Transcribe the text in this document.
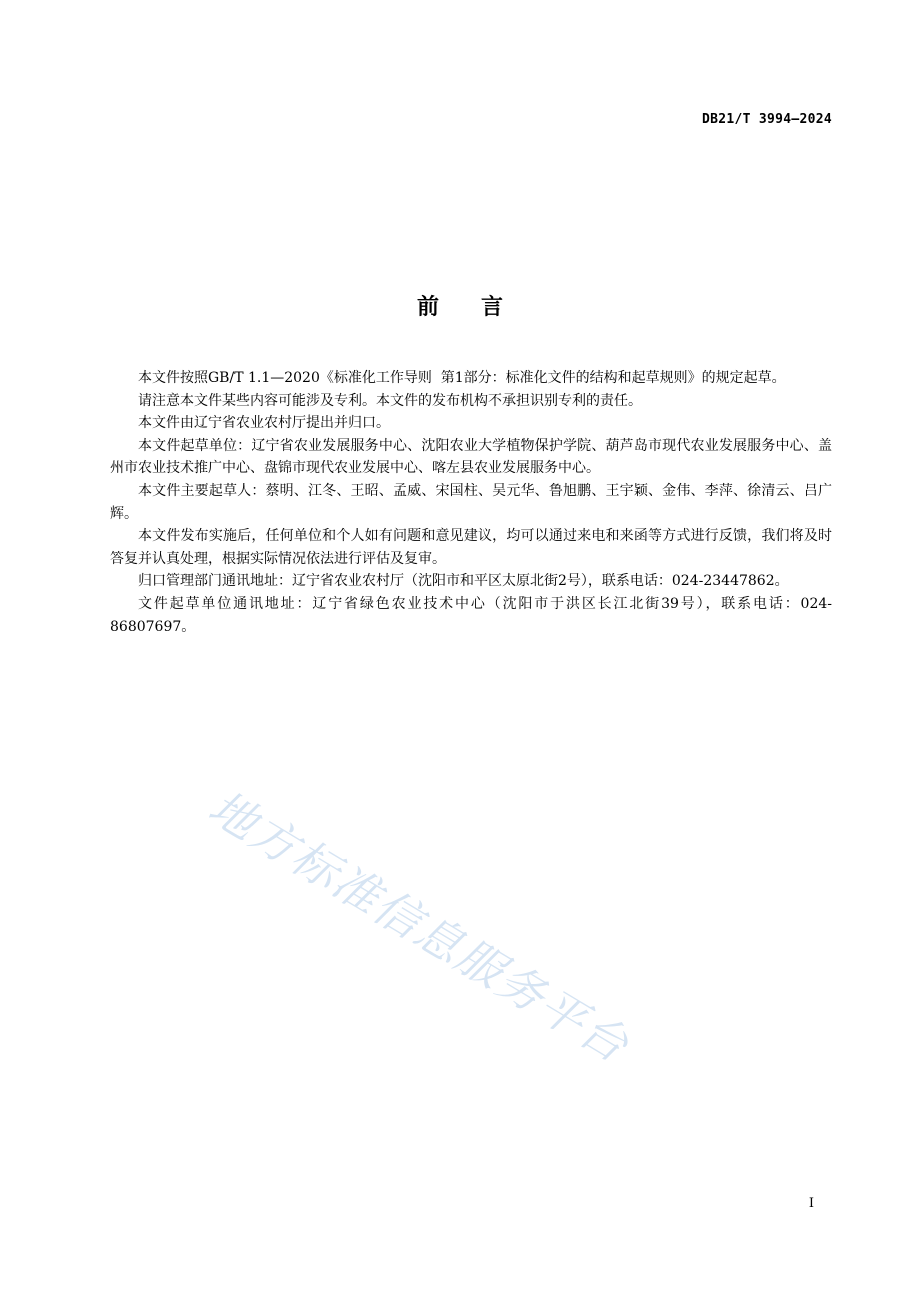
DB21/T 3994—2024
前言

本文件按照GB/T 1.1—2020《标准化工作导则  第1部分：标准化文件的结构和起草规则》的规定起草。

请注意本文件某些内容可能涉及专利。本文件的发布机构不承担识别专利的责任。

本文件由辽宁省农业农村厅提出并归口。

本文件起草单位：辽宁省农业发展服务中心、沈阳农业大学植物保护学院、葫芦岛市现代农业发展服务中心、盖州市农业技术推广中心、盘锦市现代农业发展中心、喀左县农业发展服务中心。

本文件主要起草人：蔡明、江冬、王昭、孟威、宋国柱、吴元华、鲁旭鹏、王宇颖、金伟、李萍、徐清云、吕广辉。

本文件发布实施后，任何单位和个人如有问题和意见建议，均可以通过来电和来函等方式进行反馈，我们将及时答复并认真处理，根据实际情况依法进行评估及复审。

归口管理部门通讯地址：辽宁省农业农村厅（沈阳市和平区太原北街2号），联系电话：024-23447862。

文件起草单位通讯地址：辽宁省绿色农业技术中心（沈阳市于洪区长江北街39号），联系电话：024-86807697。

地方标准信息服务平台
I
